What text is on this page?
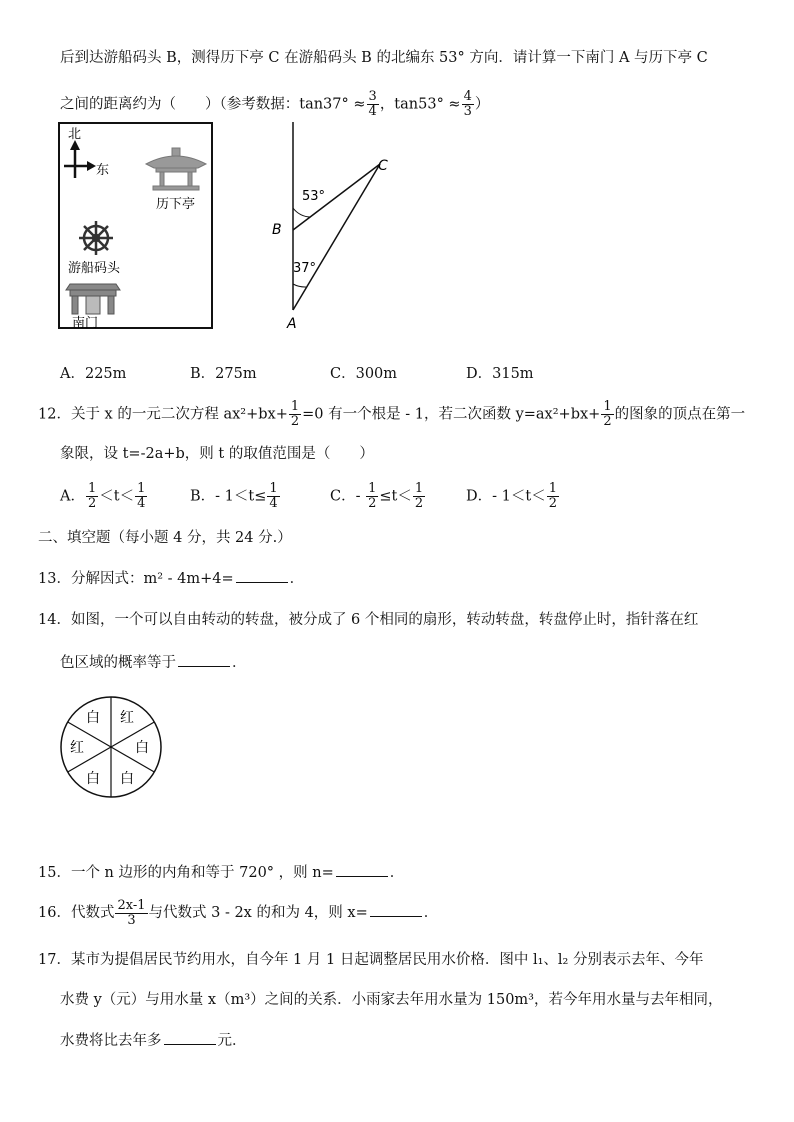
后到达游船码头 B，测得历下亭 C 在游船码头 B 的北编东 53° 方向．请计算一下南门 A 与历下亭 C
之间的距离约为（　　）（参考数据：$\tan 37^\circ \approx \frac{3}{4}$ ，$\tan 53^\circ \approx \frac{4}{3}$ ）
北
东
历下亭
游船码头
南门
53°
37°
B
A
C
A．225m	B．275m	C．300m	D．315m
12．关于 x 的一元二次方程 $ax^2+bx+ \frac{1}{2} =0$ 有一个根是 - 1，若二次函数 $y=ax^2+bx+ \frac{1}{2}$ 的图象的顶点在第一
象限，设 t=-2a+b，则 t 的取值范围是（　　）
A． $\frac{1}{2} <t< \frac{1}{4}$	B．- $1<t\le \frac{1}{4}$	C．- $\frac{1}{2} \le t< \frac{1}{2}$	D．- $1<t< \frac{1}{2}$
二、填空题（每小题 4 分，共 24 分.）
13．分解因式：m² - 4m+4=	．
14．如图，一个可以自由转动的转盘，被分成了 6 个相同的扇形，转动转盘，转盘停止时，指针落在红
色区域的概率等于	．
白 红
白
白
白
红
15．一个 n 边形的内角和等于 720° ，则 n=	．
16．代数式 $\frac{2x-1}{3}$ 与代数式 3 - 2x 的和为 4，则 x=	．
17．某市为提倡居民节约用水，自今年 1 月 1 日起调整居民用水价格．图中 l₁、l₂ 分别表示去年、今年
水费 y（元）与用水量 x（m³）之间的关系．小雨家去年用水量为 150m³，若今年用水量与去年相同，
水费将比去年多	元．
